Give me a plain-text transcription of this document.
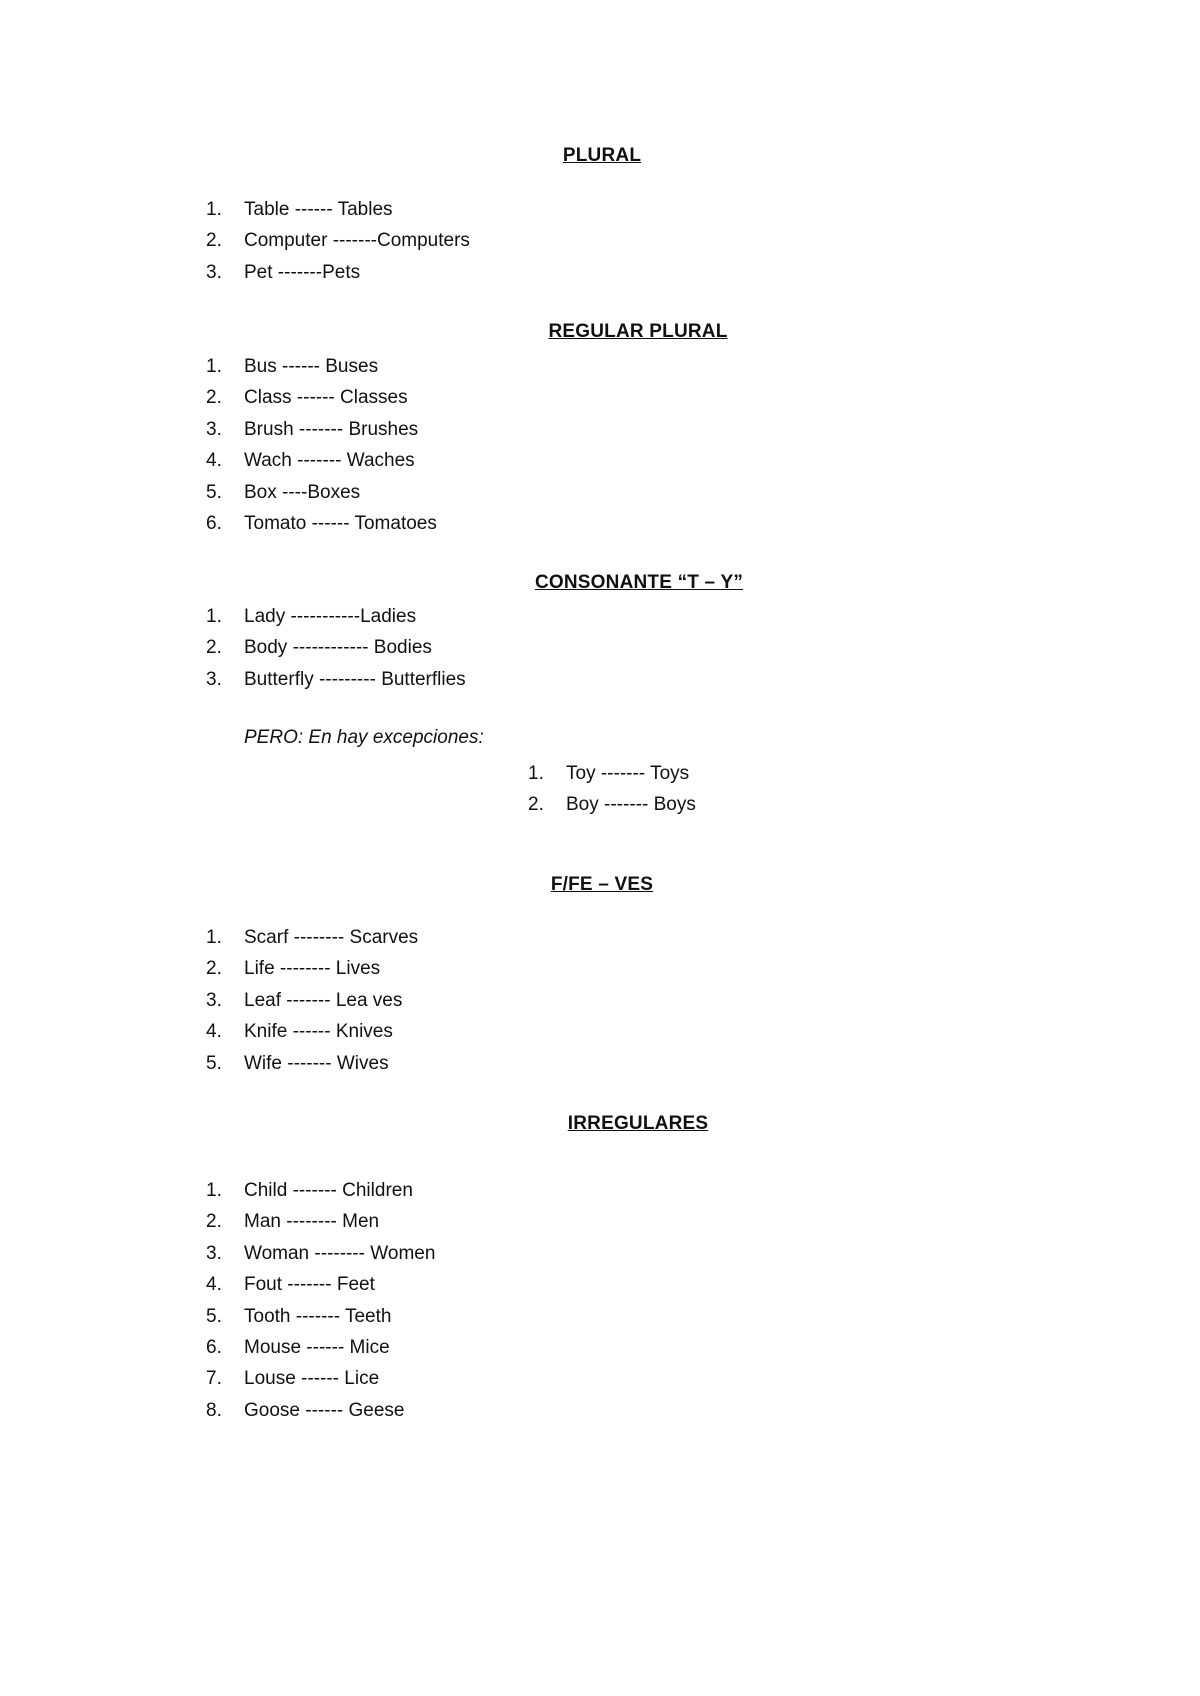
PLURAL
1. Table ------ Tables
2. Computer -------Computers
3. Pet -------Pets
REGULAR PLURAL
1. Bus ------ Buses
2. Class ------ Classes
3. Brush ------- Brushes
4. Wach ------- Waches
5. Box ----Boxes
6. Tomato ------ Tomatoes
CONSONANTE “T – Y”
1. Lady -----------Ladies
2. Body ------------ Bodies
3. Butterfly --------- Butterflies
PERO: En hay excepciones:
1. Toy ------- Toys
2. Boy ------- Boys
F/FE – VES
1. Scarf -------- Scarves
2. Life -------- Lives
3. Leaf ------- Lea ves
4. Knife ------ Knives
5. Wife ------- Wives
IRREGULARES
1. Child ------- Children
2. Man -------- Men
3. Woman -------- Women
4. Fout ------- Feet
5. Tooth ------- Teeth
6. Mouse ------ Mice
7. Louse ------ Lice
8. Goose ------ Geese
